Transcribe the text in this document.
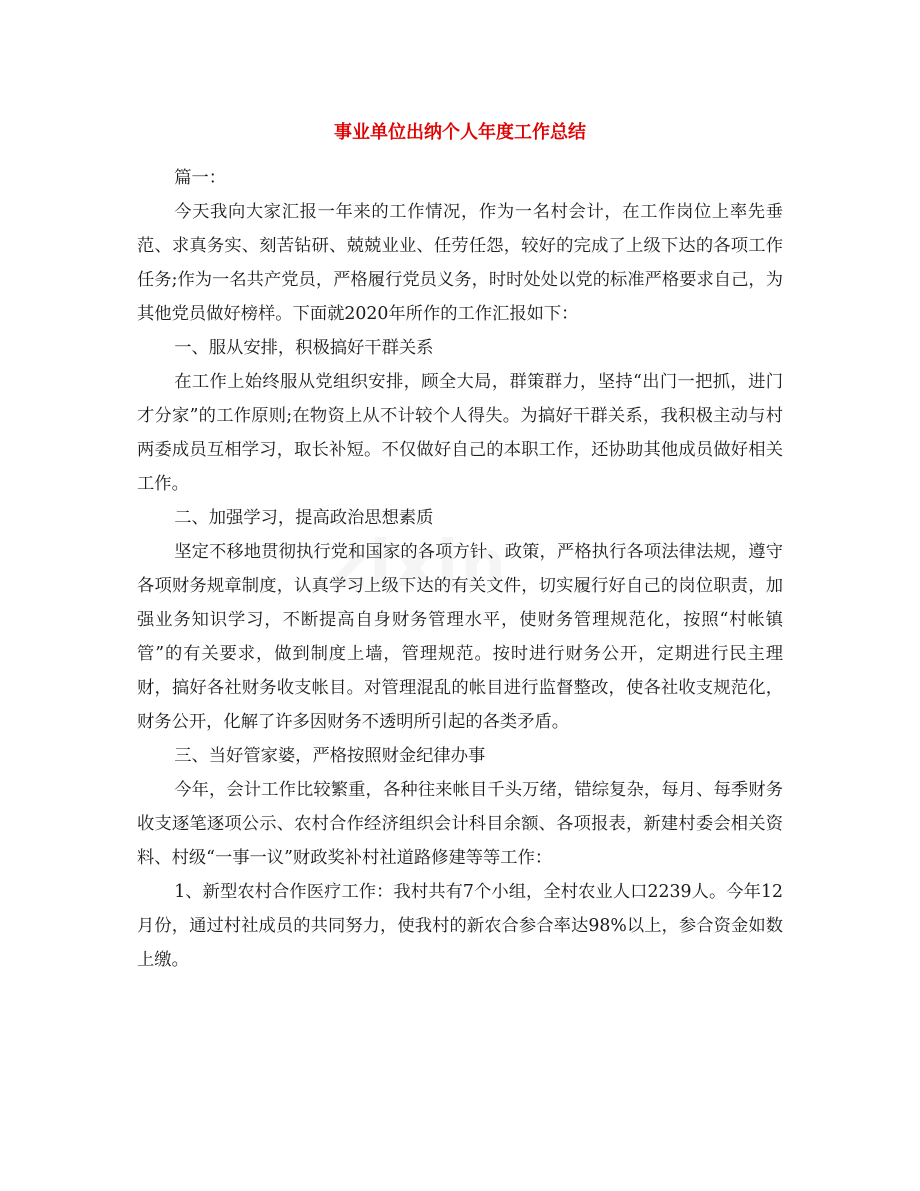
事业单位出纳个人年度工作总结
zixin

篇一：

今天我向大家汇报一年来的工作情况，作为一名村会计，在工作岗位上率先垂范、求真务实、刻苦钻研、兢兢业业、任劳任怨，较好的完成了上级下达的各项工作任务;作为一名共产党员，严格履行党员义务，时时处处以党的标准严格要求自己，为其他党员做好榜样。下面就2020年所作的工作汇报如下：

一、服从安排，积极搞好干群关系

在工作上始终服从党组织安排，顾全大局，群策群力，坚持“出门一把抓，进门才分家”的工作原则;在物资上从不计较个人得失。为搞好干群关系，我积极主动与村两委成员互相学习，取长补短。不仅做好自己的本职工作，还协助其他成员做好相关工作。

二、加强学习，提高政治思想素质

坚定不移地贯彻执行党和国家的各项方针、政策，严格执行各项法律法规，遵守各项财务规章制度，认真学习上级下达的有关文件，切实履行好自己的岗位职责，加强业务知识学习，不断提高自身财务管理水平，使财务管理规范化，按照“村帐镇管”的有关要求，做到制度上墙，管理规范。按时进行财务公开，定期进行民主理财，搞好各社财务收支帐目。对管理混乱的帐目进行监督整改，使各社收支规范化，财务公开，化解了许多因财务不透明所引起的各类矛盾。

三、当好管家婆，严格按照财金纪律办事

今年，会计工作比较繁重，各种往来帐目千头万绪，错综复杂，每月、每季财务收支逐笔逐项公示、农村合作经济组织会计科目余额、各项报表，新建村委会相关资料、村级“一事一议”财政奖补村社道路修建等等工作：

1、新型农村合作医疗工作：我村共有7个小组，全村农业人口2239人。今年12月份，通过村社成员的共同努力，使我村的新农合参合率达98%以上，参合资金如数上缴。
